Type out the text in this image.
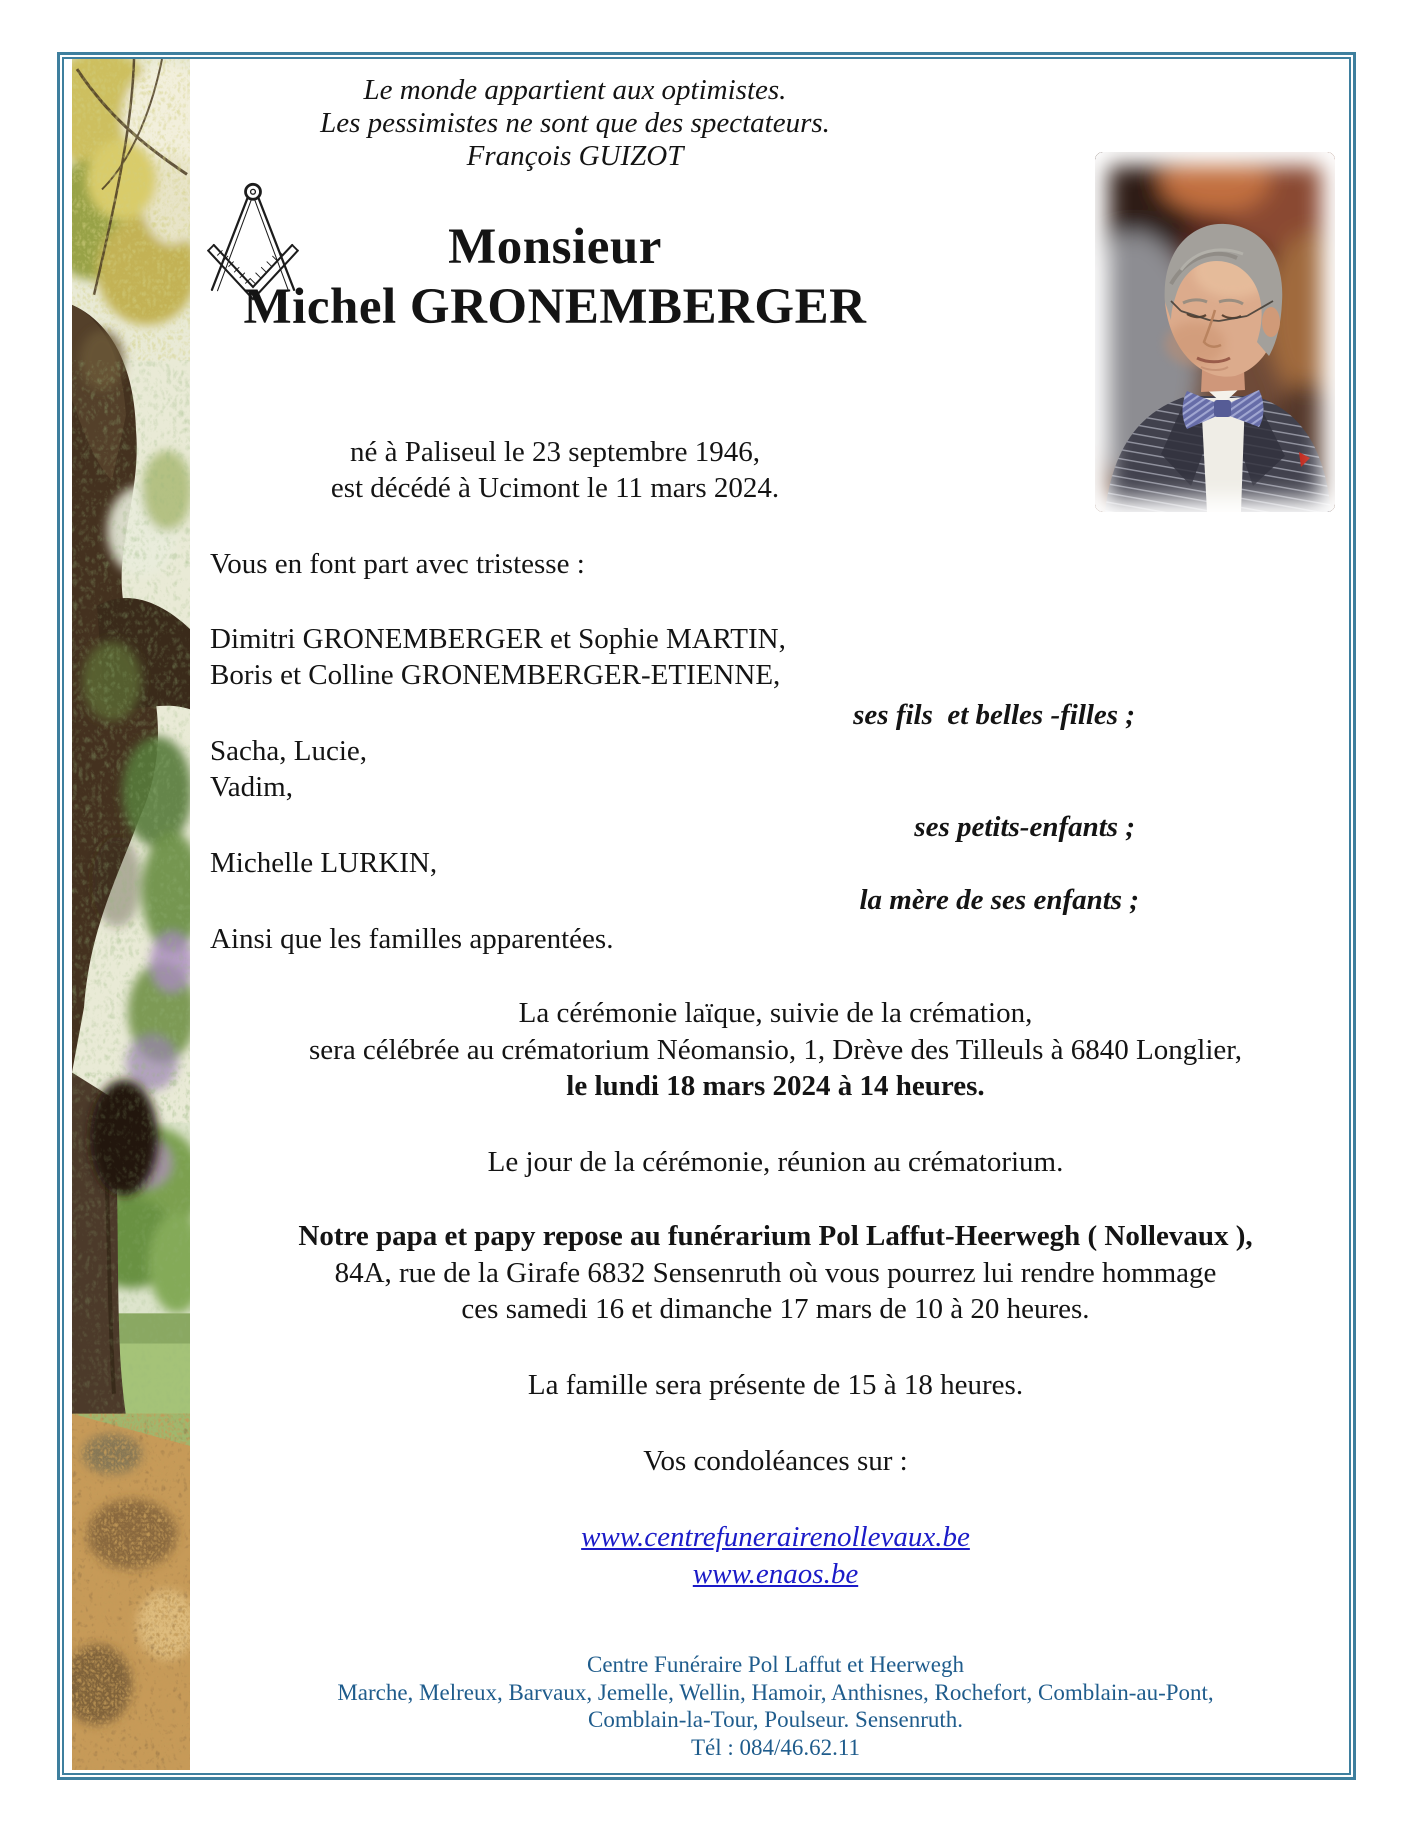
Le monde appartient aux optimistes.
Les pessimistes ne sont que des spectateurs.
François GUIZOT
Monsieur
Michel GRONEMBERGER
né à Paliseul le 23 septembre 1946,
est décédé à Ucimont le 11 mars 2024.
Vous en font part avec tristesse :
Dimitri GRONEMBERGER et Sophie MARTIN,
Boris et Colline GRONEMBERGER-ETIENNE,
ses fils  et belles -filles ;
Sacha, Lucie,
Vadim,
ses petits-enfants ;
Michelle LURKIN,
la mère de ses enfants ;
Ainsi que les familles apparentées.
La cérémonie laïque, suivie de la crémation,
sera célébrée au crématorium Néomansio, 1, Drève des Tilleuls à 6840 Longlier,
le lundi 18 mars 2024 à 14 heures.
Le jour de la cérémonie, réunion au crématorium.
Notre papa et papy repose au funérarium Pol Laffut-Heerwegh ( Nollevaux ),
84A, rue de la Girafe 6832 Sensenruth où vous pourrez lui rendre hommage
ces samedi 16 et dimanche 17 mars de 10 à 20 heures.
La famille sera présente de 15 à 18 heures.
Vos condoléances sur :
www.centrefunerairenollevaux.be
www.enaos.be
Centre Funéraire Pol Laffut et Heerwegh
Marche, Melreux, Barvaux, Jemelle, Wellin, Hamoir, Anthisnes, Rochefort, Comblain-au-Pont,
Comblain-la-Tour, Poulseur. Sensenruth.
Tél : 084/46.62.11
